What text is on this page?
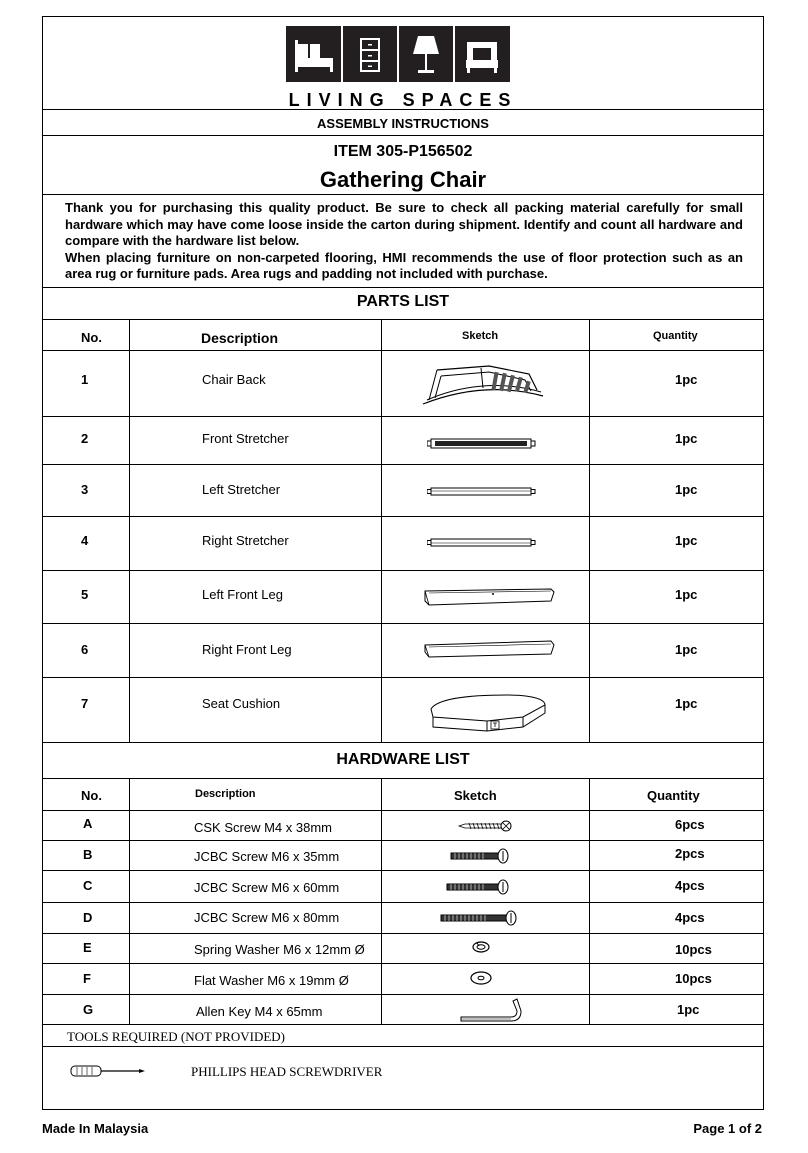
LIVING SPACES
ASSEMBLY INSTRUCTIONS
ITEM 305-P156502
Gathering Chair

Thank you for purchasing this quality product. Be sure to check all packing material carefully for small hardware which may have come loose inside the carton during shipment. Identify and count all hardware and compare with the hardware list below.

When placing furniture on non-carpeted flooring, HMI recommends the use of floor protection such as an area rug or furniture pads. Area rugs and padding not included with purchase.

PARTS LIST
No.	Description	Sketch	Quantity
1	Chair Back	1pc
2	Front Stretcher	1pc
3	Left Stretcher	1pc
4	Right Stretcher	1pc
5	Left Front Leg	1pc
6	Right Front Leg	1pc
7	Seat Cushion	1pc
HARDWARE LIST
No.	Description	Sketch	Quantity
A	CSK Screw M4 x 38mm	6pcs
B	JCBC Screw M6 x 35mm	2pcs
C	JCBC Screw M6 x 60mm	4pcs
D	JCBC Screw M6 x 80mm	4pcs
E	Spring Washer M6 x 12mm Ø	10pcs
F	Flat Washer M6 x 19mm Ø	10pcs
G	Allen Key M4 x 65mm	1pc
TOOLS REQUIRED (NOT PROVIDED)
PHILLIPS HEAD SCREWDRIVER
Made In Malaysia	Page 1 of 2
